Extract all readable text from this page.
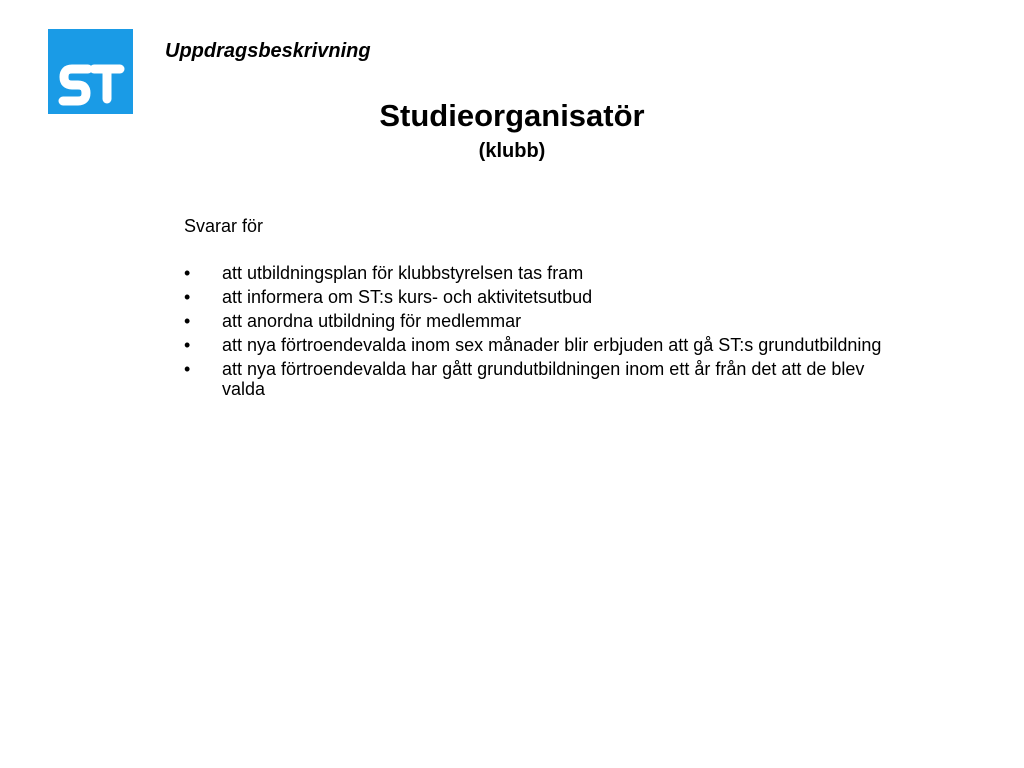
Uppdragsbeskrivning
Studieorganisatör
(klubb)

Svarar för

• att utbildningsplan för klubbstyrelsen tas fram
• att informera om ST:s kurs- och aktivitetsutbud
• att anordna utbildning för medlemmar
• att nya förtroendevalda inom sex månader blir erbjuden att gå ST:s grundutbildning
• att nya förtroendevalda har gått grundutbildningen inom ett år från det att de blev valda
